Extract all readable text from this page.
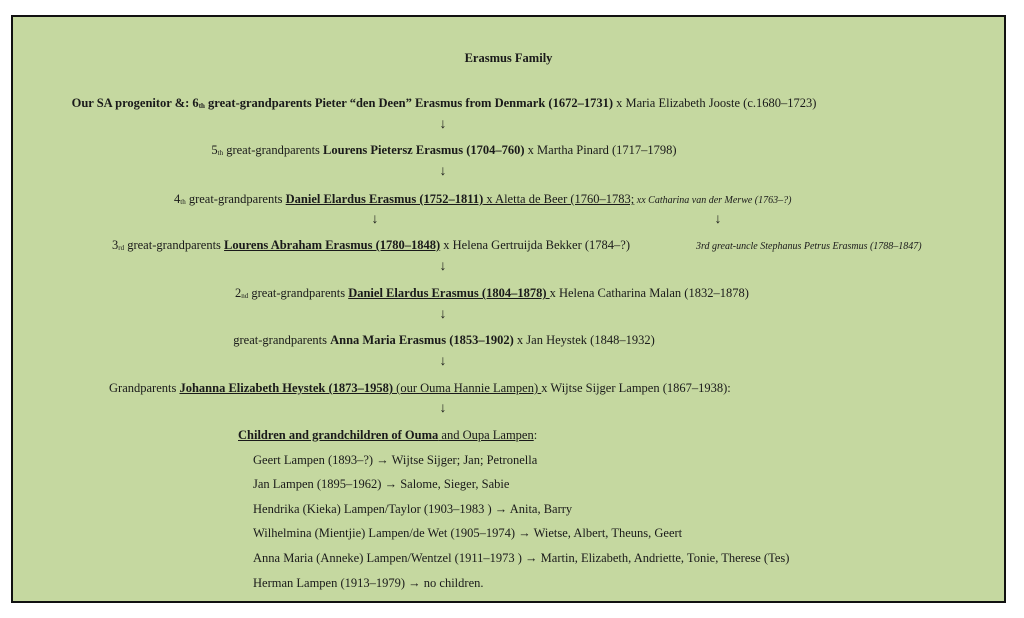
Erasmus Family
Our SA progenitor &: 6th great-grandparents Pieter “den Deen” Erasmus from Denmark (1672–1731) x Maria Elizabeth Jooste (c.1680–1723)
↓
5th great-grandparents Lourens Pietersz Erasmus (1704–760) x Martha Pinard (1717–1798)
↓
4th great-grandparents Daniel Elardus Erasmus (1752–1811) x Aletta de Beer (1760–1783; xx Catharina van der Merwe (1763–?)
↓	↓
3rd great-grandparents Lourens Abraham Erasmus (1780–1848) x Helena Gertruijda Bekker (1784–?)	3rd great-uncle Stephanus Petrus Erasmus (1788–1847)
↓
2nd great-grandparents Daniel Elardus Erasmus (1804–1878) x Helena Catharina Malan (1832–1878)
↓
great-grandparents Anna Maria Erasmus (1853–1902) x Jan Heystek (1848–1932)
↓
Grandparents Johanna Elizabeth Heystek (1873–1958) (our Ouma Hannie Lampen) x Wijtse Sijger Lampen (1867–1938):
↓
Children and grandchildren of Ouma and Oupa Lampen:
Geert Lampen (1893–?) → Wijtse Sijger; Jan; Petronella
Jan Lampen (1895–1962) → Salome, Sieger, Sabie
Hendrika (Kieka) Lampen/Taylor (1903–1983 ) → Anita, Barry
Wilhelmina (Mientjie) Lampen/de Wet (1905–1974) → Wietse, Albert, Theuns, Geert
Anna Maria (Anneke) Lampen/Wentzel (1911–1973 ) → Martin, Elizabeth, Andriette, Tonie, Therese (Tes)
Herman Lampen (1913–1979) → no children.
